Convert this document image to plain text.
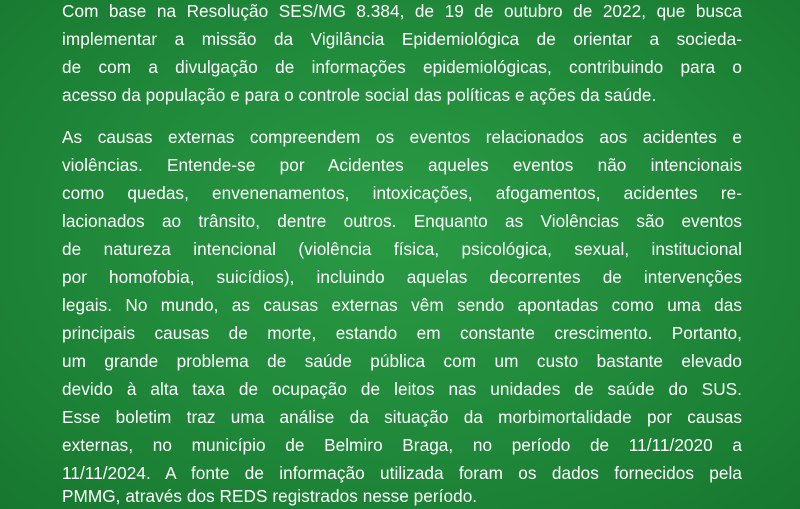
Com base na Resolução SES/MG 8.384, de 19 de outubro de 2022, que busca
implementar a missão da Vigilância Epidemiológica de orientar a socieda-
de com a divulgação de informações epidemiológicas, contribuindo para o
acesso da população e para o controle social das políticas e ações da saúde.
As causas externas compreendem os eventos relacionados aos acidentes e
violências. Entende-se por Acidentes aqueles eventos não intencionais
como quedas, envenenamentos, intoxicações, afogamentos, acidentes re-
lacionados ao trânsito, dentre outros. Enquanto as Violências são eventos
de natureza intencional (violência física, psicológica, sexual, institucional
por homofobia, suicídios), incluindo aquelas decorrentes de intervenções
legais. No mundo, as causas externas vêm sendo apontadas como uma das
principais causas de morte, estando em constante crescimento. Portanto,
um grande problema de saúde pública com um custo bastante elevado
devido à alta taxa de ocupação de leitos nas unidades de saúde do SUS.
Esse boletim traz uma análise da situação da morbimortalidade por causas
externas, no município de Belmiro Braga, no período de 11/11/2020 a
11/11/2024. A fonte de informação utilizada foram os dados fornecidos pela
PMMG, através dos REDS registrados nesse período.
